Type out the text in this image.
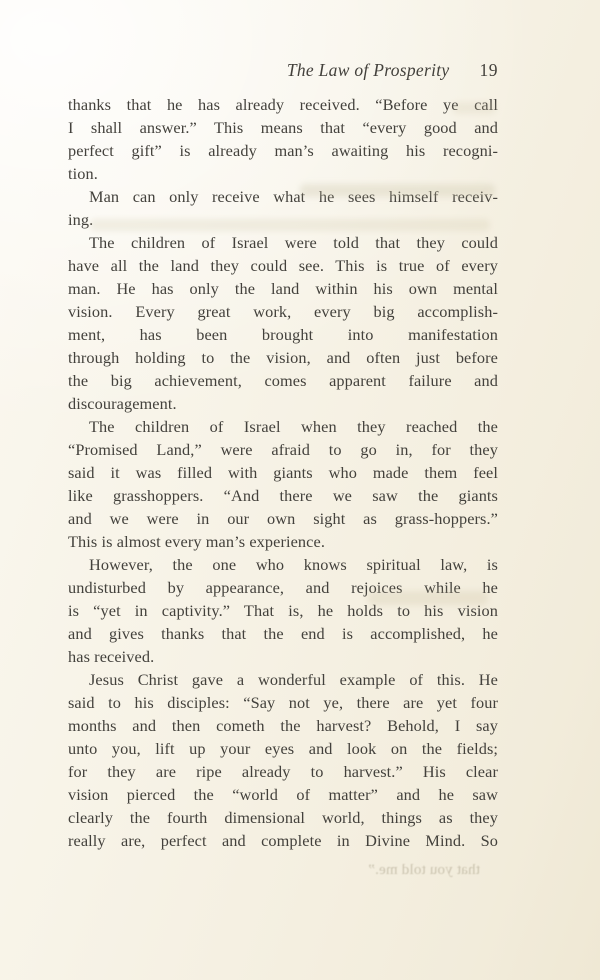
The Law of Prosperity 19
thanks that he has already received. “Before ye call
I shall answer.” This means that “every good and
perfect gift” is already man’s awaiting his recogni-
tion.
Man can only receive what he sees himself receiv-
ing.
The children of Israel were told that they could
have all the land they could see. This is true of every
man. He has only the land within his own mental
vision. Every great work, every big accomplish-
ment, has been brought into manifestation
through holding to the vision, and often just before
the big achievement, comes apparent failure and
discouragement.
The children of Israel when they reached the
“Promised Land,” were afraid to go in, for they
said it was filled with giants who made them feel
like grasshoppers. “And there we saw the giants
and we were in our own sight as grass-hoppers.”
This is almost every man’s experience.
However, the one who knows spiritual law, is
undisturbed by appearance, and rejoices while he
is “yet in captivity.” That is, he holds to his vision
and gives thanks that the end is accomplished, he
has received.
Jesus Christ gave a wonderful example of this. He
said to his disciples: “Say not ye, there are yet four
months and then cometh the harvest? Behold, I say
unto you, lift up your eyes and look on the fields;
for they are ripe already to harvest.” His clear
vision pierced the “world of matter” and he saw
clearly the fourth dimensional world, things as they
really are, perfect and complete in Divine Mind. So
that you told me.”
